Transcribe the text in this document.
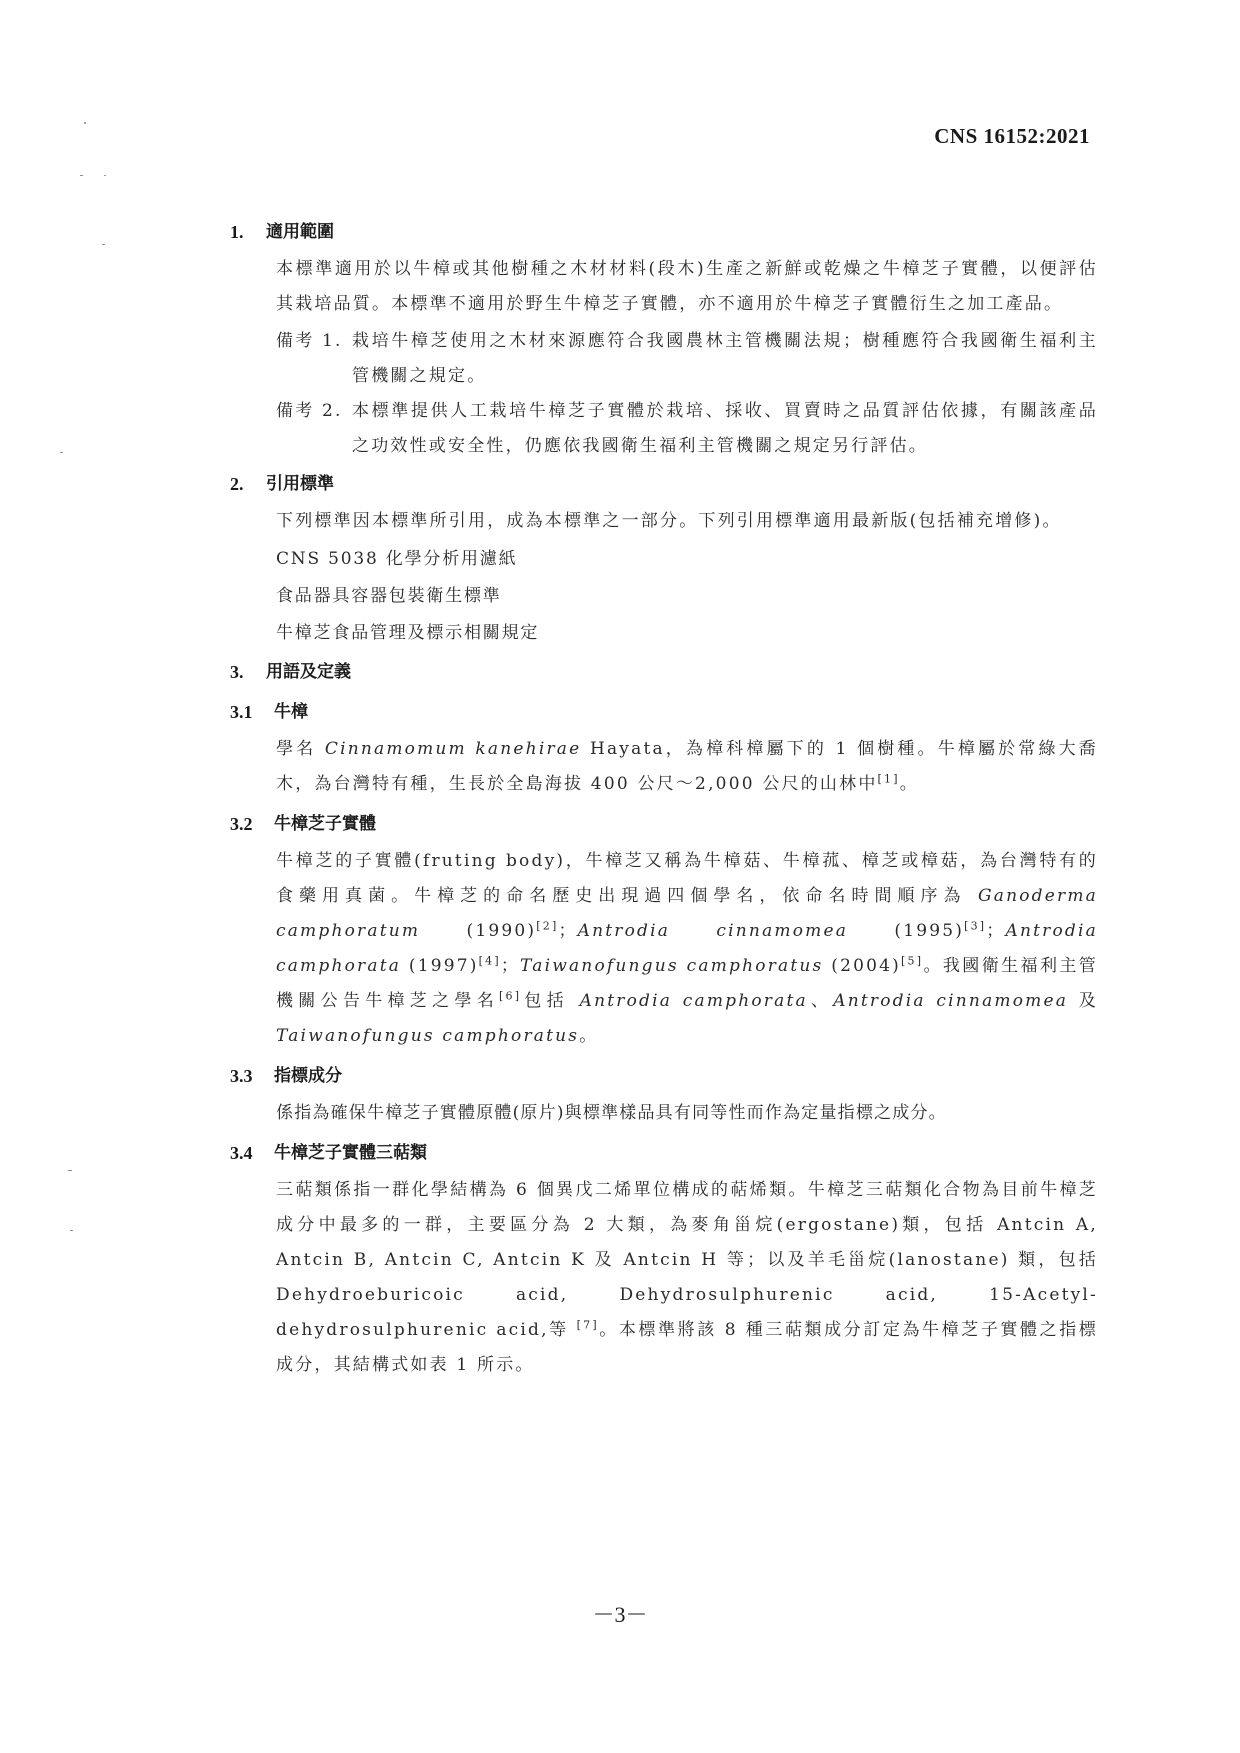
CNS 16152:2021
1.	適用範圍
本標準適用於以牛樟或其他樹種之木材材料(段木)生產之新鮮或乾燥之牛樟芝子實體，以便評估其栽培品質。本標準不適用於野生牛樟芝子實體，亦不適用於牛樟芝子實體衍生之加工產品。
備考 1. 栽培牛樟芝使用之木材來源應符合我國農林主管機關法規；樹種應符合我國衛生福利主管機關之規定。
備考 2. 本標準提供人工栽培牛樟芝子實體於栽培、採收、買賣時之品質評估依據，有關該產品之功效性或安全性，仍應依我國衛生福利主管機關之規定另行評估。
2.	引用標準
下列標準因本標準所引用，成為本標準之一部分。下列引用標準適用最新版(包括補充增修)。
CNS 5038 化學分析用濾紙
食品器具容器包裝衛生標準
牛樟芝食品管理及標示相關規定
3.	用語及定義
3.1	牛樟
學名 Cinnamomum kanehirae Hayata，為樟科樟屬下的 1 個樹種。牛樟屬於常綠大喬木，為台灣特有種，生長於全島海拔 400 公尺～2,000 公尺的山林中[1]。
3.2	牛樟芝子實體
牛樟芝的子實體(fruting body)，牛樟芝又稱為牛樟菇、牛樟菰、樟芝或樟菇，為台灣特有的食藥用真菌。牛樟芝的命名歷史出現過四個學名，依命名時間順序為 Ganoderma camphoratum (1990)[2]；Antrodia cinnamomea (1995)[3]；Antrodia camphorata (1997)[4]；Taiwanofungus camphoratus (2004)[5]。我國衛生福利主管機關公告牛樟芝之學名[6]包括 Antrodia camphorata、Antrodia cinnamomea 及 Taiwanofungus camphoratus。
3.3	指標成分
係指為確保牛樟芝子實體原體(原片)與標準樣品具有同等性而作為定量指標之成分。
3.4	牛樟芝子實體三萜類
三萜類係指一群化學結構為 6 個異戊二烯單位構成的萜烯類。牛樟芝三萜類化合物為目前牛樟芝成分中最多的一群，主要區分為 2 大類，為麥角甾烷(ergostane)類，包括 Antcin A, Antcin B, Antcin C, Antcin K 及 Antcin H 等；以及羊毛甾烷(lanostane) 類，包括 Dehydroeburicoic acid, Dehydrosulphurenic acid, 15-Acetyl-dehydrosulphurenic acid,等 [7]。本標準將該 8 種三萜類成分訂定為牛樟芝子實體之指標成分，其結構式如表 1 所示。
－3－
